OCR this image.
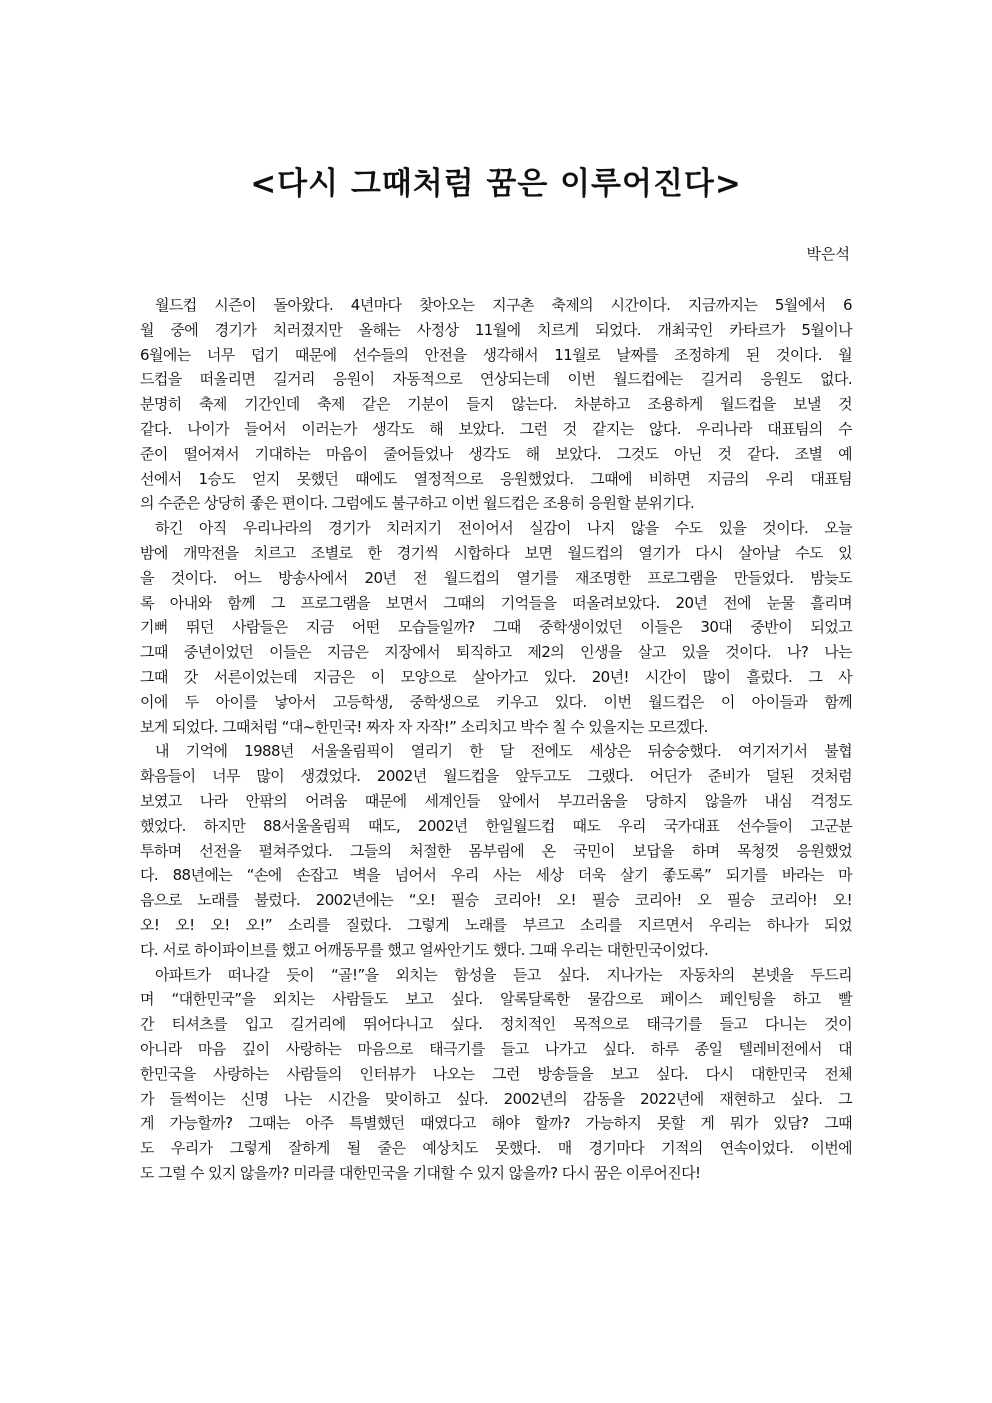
<다시 그때처럼 꿈은 이루어진다>
박은석
월드컵 시즌이 돌아왔다. 4년마다 찾아오는 지구촌 축제의 시간이다. 지금까지는 5월에서 6
월 중에 경기가 치러졌지만 올해는 사정상 11월에 치르게 되었다. 개최국인 카타르가 5월이나
6월에는 너무 덥기 때문에 선수들의 안전을 생각해서 11월로 날짜를 조정하게 된 것이다. 월
드컵을 떠올리면 길거리 응원이 자동적으로 연상되는데 이번 월드컵에는 길거리 응원도 없다.
분명히 축제 기간인데 축제 같은 기분이 들지 않는다. 차분하고 조용하게 월드컵을 보낼 것
같다. 나이가 들어서 이러는가 생각도 해 보았다. 그런 것 같지는 않다. 우리나라 대표팀의 수
준이 떨어져서 기대하는 마음이 줄어들었나 생각도 해 보았다. 그것도 아닌 것 같다. 조별 예
선에서 1승도 얻지 못했던 때에도 열정적으로 응원했었다. 그때에 비하면 지금의 우리 대표팀
의 수준은 상당히 좋은 편이다. 그럼에도 불구하고 이번 월드컵은 조용히 응원할 분위기다.
하긴 아직 우리나라의 경기가 치러지기 전이어서 실감이 나지 않을 수도 있을 것이다. 오늘
밤에 개막전을 치르고 조별로 한 경기씩 시합하다 보면 월드컵의 열기가 다시 살아날 수도 있
을 것이다. 어느 방송사에서 20년 전 월드컵의 열기를 재조명한 프로그램을 만들었다. 밤늦도
록 아내와 함께 그 프로그램을 보면서 그때의 기억들을 떠올려보았다. 20년 전에 눈물 흘리며
기뻐 뛰던 사람들은 지금 어떤 모습들일까? 그때 중학생이었던 이들은 30대 중반이 되었고
그때 중년이었던 이들은 지금은 지장에서 퇴직하고 제2의 인생을 살고 있을 것이다. 나? 나는
그때 갓 서른이었는데 지금은 이 모양으로 살아가고 있다. 20년! 시간이 많이 흘렀다. 그 사
이에 두 아이를 낳아서 고등학생, 중학생으로 키우고 있다. 이번 월드컵은 이 아이들과 함께
보게 되었다. 그때처럼 “대~한민국! 짜자 자 자작!” 소리치고 박수 칠 수 있을지는 모르겠다.
내 기억에 1988년 서울올림픽이 열리기 한 달 전에도 세상은 뒤숭숭했다. 여기저기서 불협
화음들이 너무 많이 생겼었다. 2002년 월드컵을 앞두고도 그랬다. 어딘가 준비가 덜된 것처럼
보였고 나라 안팎의 어려움 때문에 세계인들 앞에서 부끄러움을 당하지 않을까 내심 걱정도
했었다. 하지만 88서울올림픽 때도, 2002년 한일월드컵 때도 우리 국가대표 선수들이 고군분
투하며 선전을 펼쳐주었다. 그들의 처절한 몸부림에 온 국민이 보답을 하며 목청껏 응원했었
다. 88년에는 “손에 손잡고 벽을 넘어서 우리 사는 세상 더욱 살기 좋도록” 되기를 바라는 마
음으로 노래를 불렀다. 2002년에는 “오! 필승 코리아! 오! 필승 코리아! 오 필승 코리아! 오!
오! 오! 오! 오!” 소리를 질렀다. 그렇게 노래를 부르고 소리를 지르면서 우리는 하나가 되었
다. 서로 하이파이브를 했고 어깨동무를 했고 얼싸안기도 했다. 그때 우리는 대한민국이었다.
아파트가 떠나갈 듯이 “골!”을 외치는 함성을 듣고 싶다. 지나가는 자동차의 본넷을 두드리
며 “대한민국”을 외치는 사람들도 보고 싶다. 알록달록한 물감으로 페이스 페인팅을 하고 빨
간 티셔츠를 입고 길거리에 뛰어다니고 싶다. 정치적인 목적으로 태극기를 들고 다니는 것이
아니라 마음 깊이 사랑하는 마음으로 태극기를 들고 나가고 싶다. 하루 종일 텔레비전에서 대
한민국을 사랑하는 사람들의 인터뷰가 나오는 그런 방송들을 보고 싶다. 다시 대한민국 전체
가 들썩이는 신명 나는 시간을 맞이하고 싶다. 2002년의 감동을 2022년에 재현하고 싶다. 그
게 가능할까? 그때는 아주 특별했던 때였다고 해야 할까? 가능하지 못할 게 뭐가 있담? 그때
도 우리가 그렇게 잘하게 될 줄은 예상치도 못했다. 매 경기마다 기적의 연속이었다. 이번에
도 그럴 수 있지 않을까? 미라클 대한민국을 기대할 수 있지 않을까? 다시 꿈은 이루어진다!
